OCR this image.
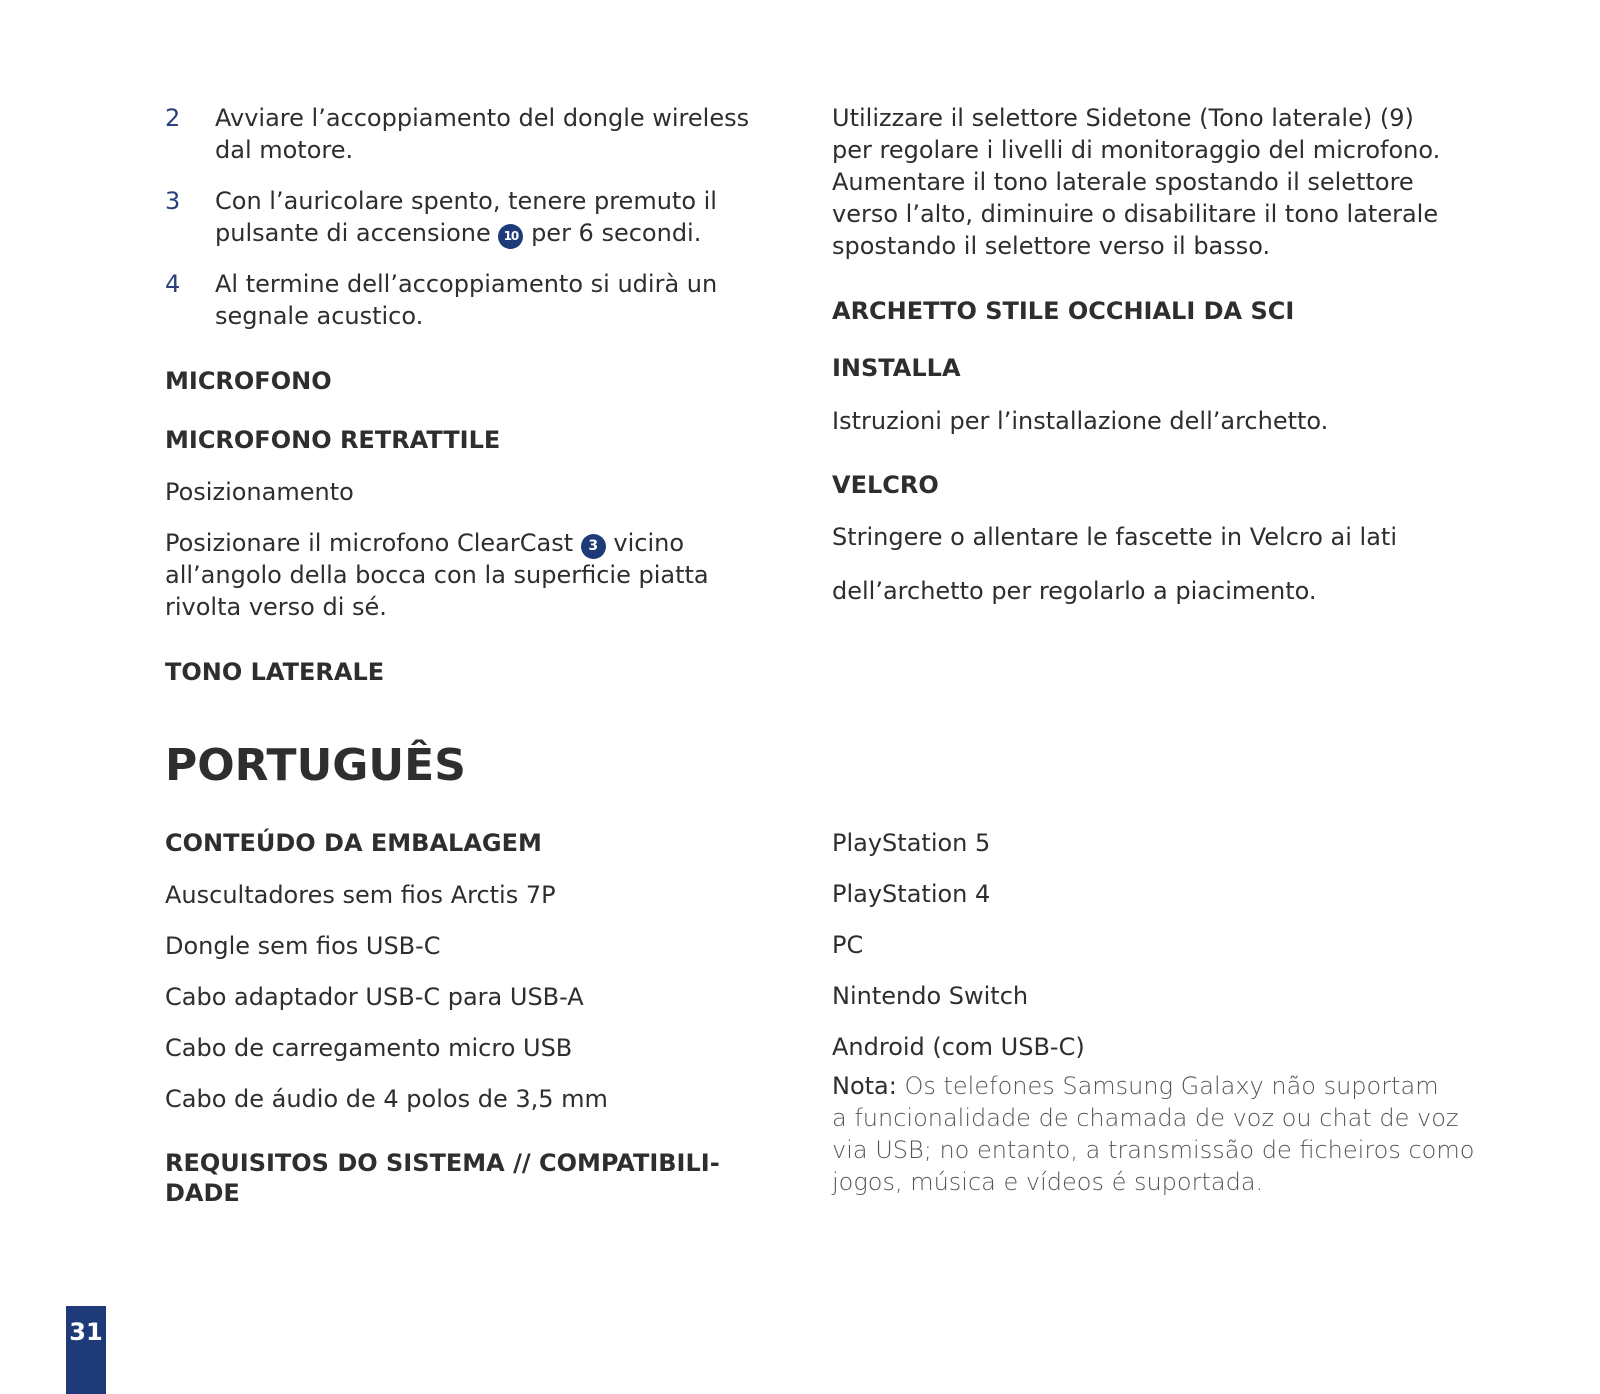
2 Avviare l’accoppiamento del dongle wireless
dal motore.
3 Con l’auricolare spento, tenere premuto il
pulsante di accensione 10 per 6 secondi.
4 Al termine dell’accoppiamento si udirà un
segnale acustico.
MICROFONO
MICROFONO RETRATTILE

Posizionamento

Posizionare il microfono ClearCast 3 vicino

all’angolo della bocca con la superficie piatta

rivolta verso di sé.

TONO LATERALE

Utilizzare il selettore Sidetone (Tono laterale) (9)

per regolare i livelli di monitoraggio del microfono.

Aumentare il tono laterale spostando il selettore

verso l’alto, diminuire o disabilitare il tono laterale

spostando il selettore verso il basso.

ARCHETTO STILE OCCHIALI DA SCI
INSTALLA

Istruzioni per l’installazione dell’archetto.

VELCRO

Stringere o allentare le fascette in Velcro ai lati

dell’archetto per regolarlo a piacimento.

PORTUGUÊS
CONTEÚDO DA EMBALAGEM

Auscultadores sem fios Arctis 7P

Dongle sem fios USB-C

Cabo adaptador USB-C para USB-A

Cabo de carregamento micro USB

Cabo de áudio de 4 polos de 3,5 mm

REQUISITOS DO SISTEMA // COMPATIBILI-
DADE

PlayStation 5

PlayStation 4

PC

Nintendo Switch

Android (com USB-C)

Nota: Os telefones Samsung Galaxy não suportam

a funcionalidade de chamada de voz ou chat de voz

via USB; no entanto, a transmissão de ficheiros como

jogos, música e vídeos é suportada.

31
